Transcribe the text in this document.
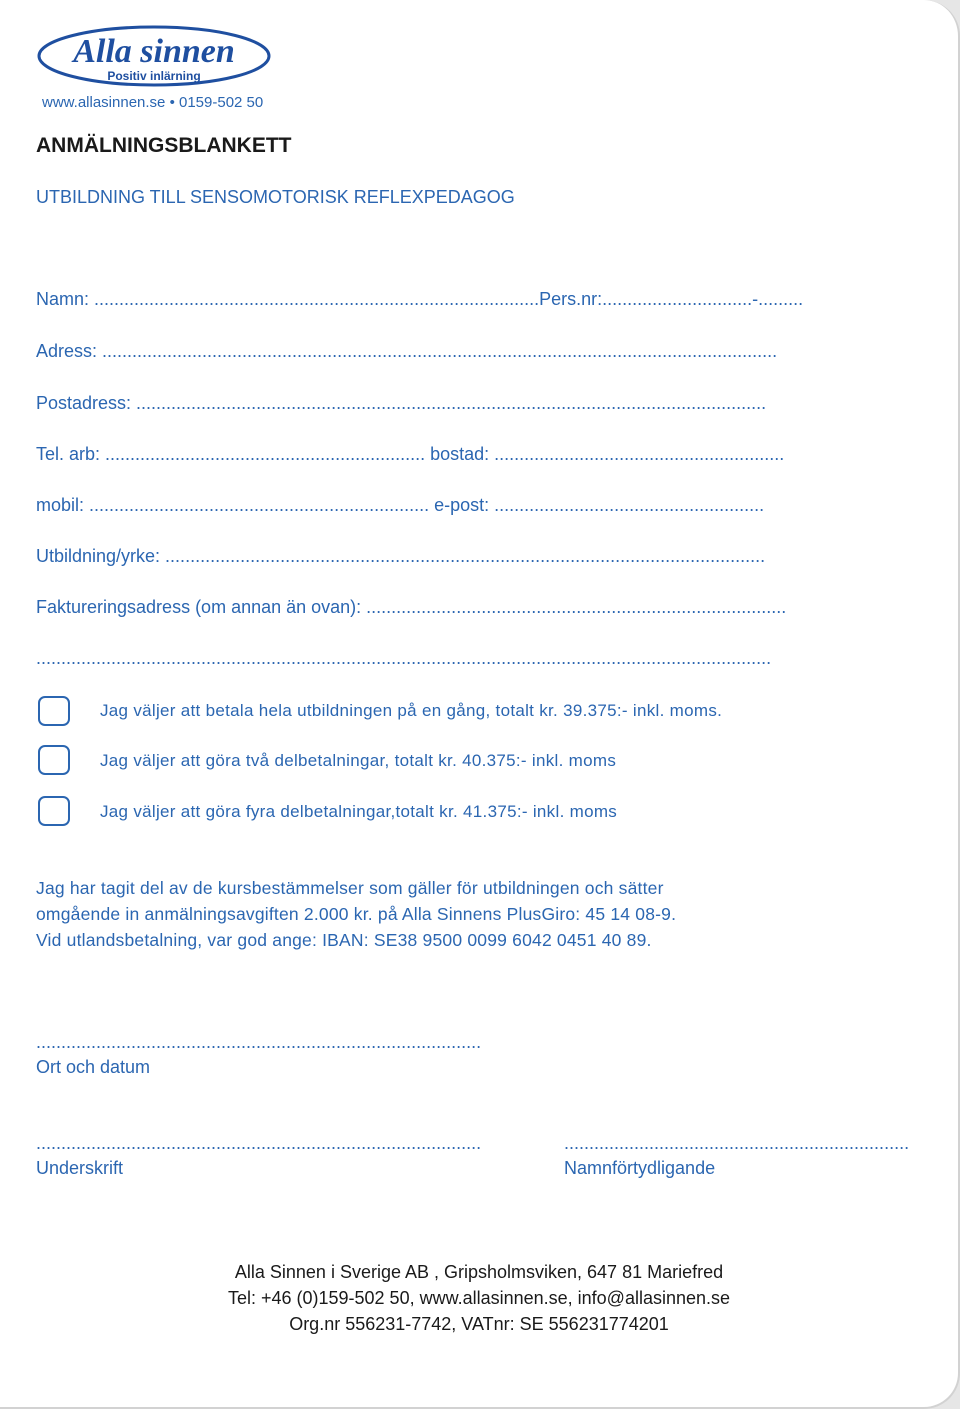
Alla sinnen
Positiv inlärning
www.allasinnen.se • 0159-502 50
ANMÄLNINGSBLANKETT
UTBILDNING TILL SENSOMOTORISK REFLEXPEDAGOG
Namn: .........................................................................................Pers.nr:..............................-.........
Adress: .......................................................................................................................................
Postadress: ..............................................................................................................................
Tel. arb: ................................................................ bostad: ..........................................................
mobil: .................................................................... e-post: ......................................................
Utbildning/yrke: ........................................................................................................................
Faktureringsadress (om annan än ovan): ....................................................................................
...................................................................................................................................................
Jag väljer att betala hela utbildningen på en gång, totalt kr. 39.375:- inkl. moms.
Jag väljer att göra två delbetalningar, totalt kr. 40.375:- inkl. moms
Jag väljer att göra fyra delbetalningar,totalt kr. 41.375:- inkl. moms
Jag har tagit del av de kursbestämmelser som gäller för utbildningen och sätter
omgående in anmälningsavgiften 2.000 kr. på Alla Sinnens PlusGiro: 45 14 08-9.
Vid utlandsbetalning, var god ange: IBAN: SE38 9500 0099 6042 0451 40 89.
.........................................................................................
Ort och datum
.........................................................................................
Underskrift
.....................................................................
Namnförtydligande
Alla Sinnen i Sverige AB , Gripsholmsviken, 647 81 Mariefred
Tel: +46 (0)159-502 50, www.allasinnen.se, info@allasinnen.se
Org.nr 556231-7742, VATnr: SE 556231774201
